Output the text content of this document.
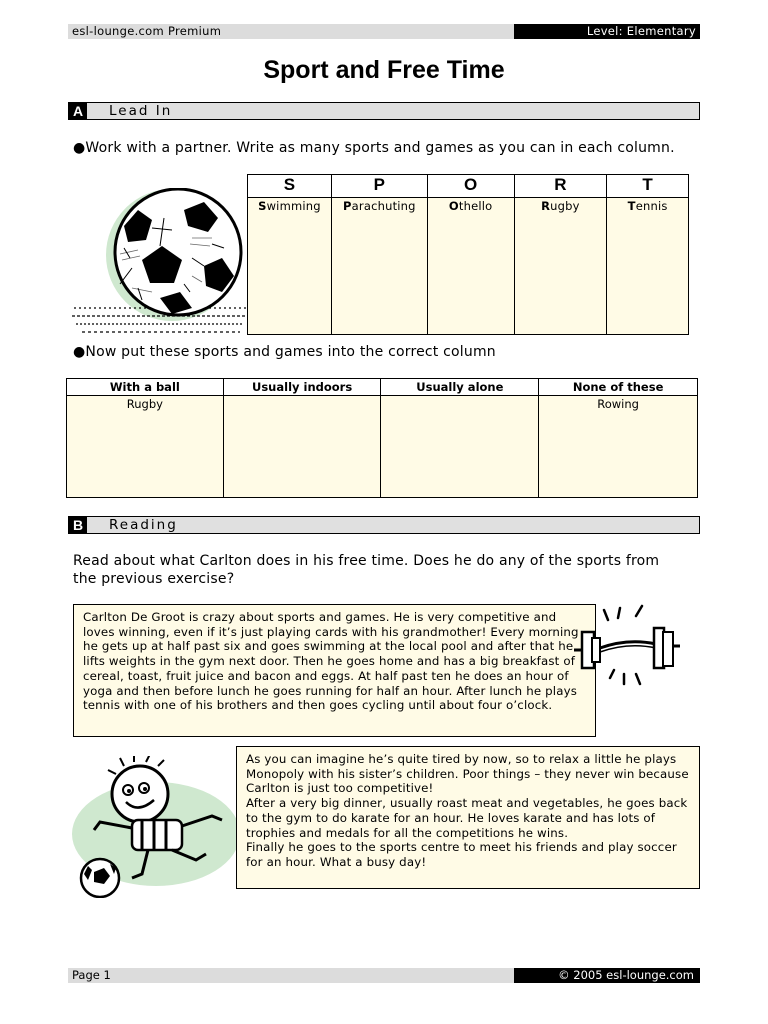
esl-lounge.com Premium	Level: Elementary
Sport and Free Time
A Lead In
●Work with a partner. Write as many sports and games as you can in each column.
S	P	O	R	T
Swimming	Parachuting	Othello	Rugby	Tennis
●Now put these sports and games into the correct column
With a ball	Usually indoors	Usually alone	None of these
Rugby			Rowing
B Reading
Read about what Carlton does in his free time. Does he do any of the sports from the previous exercise?

Carlton De Groot is crazy about sports and games. He is very competitive and loves winning, even if it’s just playing cards with his grandmother! Every morning he gets up at half past six and goes swimming at the local pool and after that he lifts weights in the gym next door. Then he goes home and has a big breakfast of cereal, toast, fruit juice and bacon and eggs. At half past ten he does an hour of yoga and then before lunch he goes running for half an hour. After lunch he plays tennis with one of his brothers and then goes cycling until about four o’clock.

As you can imagine he’s quite tired by now, so to relax a little he plays Monopoly with his sister’s children. Poor things – they never win because Carlton is just too competitive!

After a very big dinner, usually roast meat and vegetables, he goes back to the gym to do karate for an hour. He loves karate and has lots of trophies and medals for all the competitions he wins.

Finally he goes to the sports centre to meet his friends and play soccer for an hour. What a busy day!

Page 1	© 2005 esl-lounge.com
